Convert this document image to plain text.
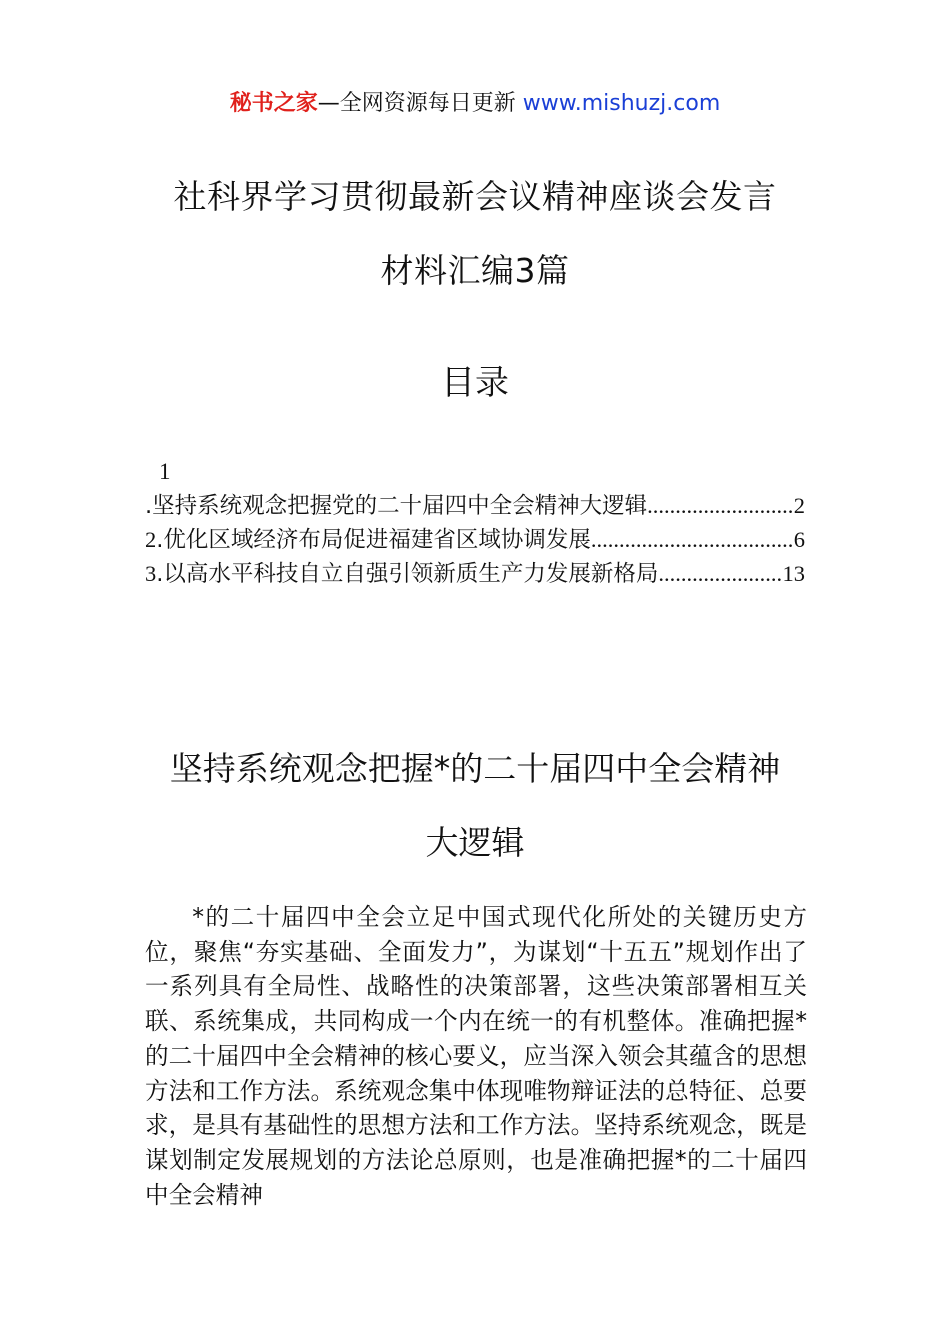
秘书之家—全网资源每日更新 www.mishuzj.com
社科界学习贯彻最新会议精神座谈会发言
材料汇编3篇
目录
1
.坚持系统观念把握党的二十届四中全会精神大逻辑 .....	2
2.优化区域经济布局促进福建省区域协调发展 .....	6
3.以高水平科技自立自强引领新质生产力发展新格局 .....	13
坚持系统观念把握*的二十届四中全会精神
大逻辑
*的二十届四中全会立足中国式现代化所处的关键历史方位，聚焦“夯实基础、全面发力”，为谋划“十五五”规划作出了一系列具有全局性、战略性的决策部署，这些决策部署相互关联、系统集成，共同构成一个内在统一的有机整体。准确把握*的二十届四中全会精神的核心要义，应当深入领会其蕴含的思想方法和工作方法。系统观念集中体现唯物辩证法的总特征、总要求，是具有基础性的思想方法和工作方法。坚持系统观念，既是谋划制定发展规划的方法论总原则，也是准确把握*的二十届四中全会精神
